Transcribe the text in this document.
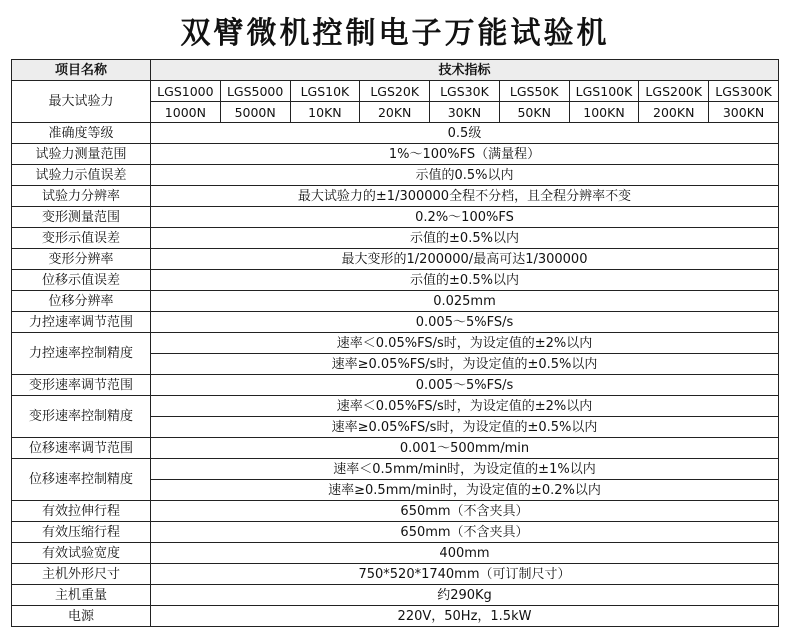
双臂微机控制电子万能试验机
项目名称	技术指标								
最大试验力	LGS1000	LGS5000	LGS10K	LGS20K	LGS30K	LGS50K	LGS100K	LGS200K	LGS300K
	1000N	5000N	10KN	20KN	30KN	50KN	100KN	200KN	300KN
准确度等级	0.5级								
试验力测量范围	1%～100%FS（满量程）								
试验力示值误差	示值的0.5%以内								
试验力分辨率	最大试验力的±1/300000全程不分档，且全程分辨率不变								
变形测量范围	0.2%～100%FS								
变形示值误差	示值的±0.5%以内								
变形分辨率	最大变形的1/200000/最高可达1/300000								
位移示值误差	示值的±0.5%以内								
位移分辨率	0.025mm								
力控速率调节范围	0.005～5%FS/s								
力控速率控制精度	速率＜0.05%FS/s时，为设定值的±2%以内								
	速率≥0.05%FS/s时，为设定值的±0.5%以内								
变形速率调节范围	0.005～5%FS/s								
变形速率控制精度	速率＜0.05%FS/s时，为设定值的±2%以内								
	速率≥0.05%FS/s时，为设定值的±0.5%以内								
位移速率调节范围	0.001～500mm/min								
位移速率控制精度	速率＜0.5mm/min时，为设定值的±1%以内								
	速率≥0.5mm/min时，为设定值的±0.2%以内								
有效拉伸行程	650mm（不含夹具）								
有效压缩行程	650mm（不含夹具）								
有效试验宽度	400mm								
主机外形尺寸	750*520*1740mm（可订制尺寸）								
主机重量	约290Kg								
电源	220V，50Hz，1.5kW								
